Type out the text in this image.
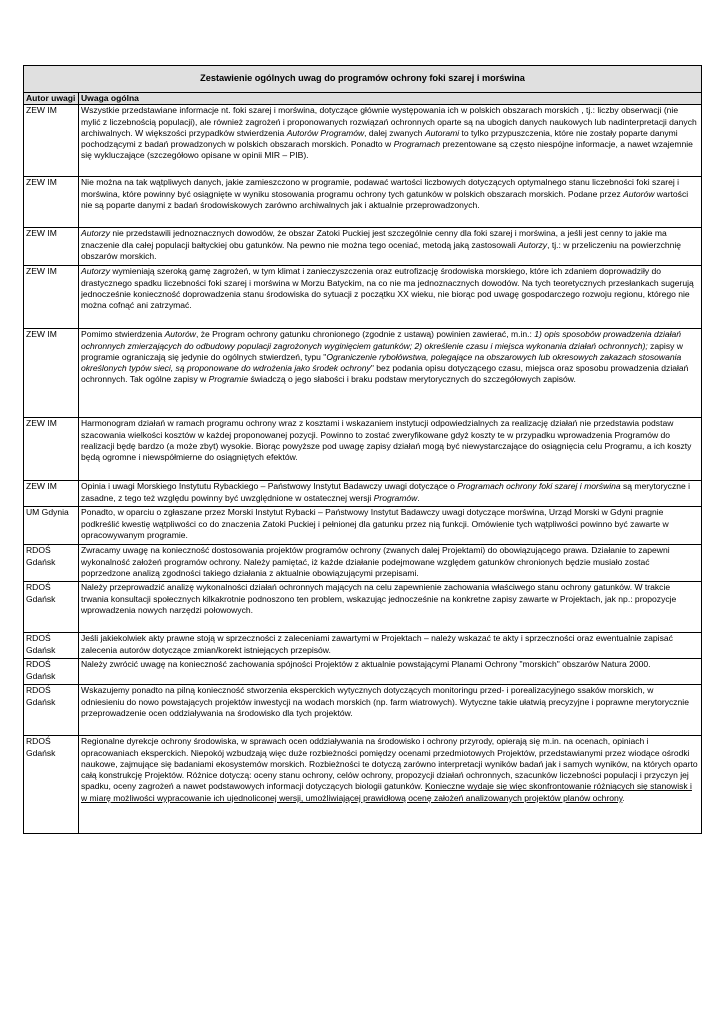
Zestawienie ogólnych uwag do programów ochrony foki szarej i morświna	
Autor uwagi	Uwaga ogólna
ZEW IM	Wszystkie przedstawiane informacje nt. foki szarej i morświna, dotyczące głównie występowania ich w polskich obszarach morskich , tj.: liczby obserwacji (nie mylić z liczebnością populacji), ale również zagrożeń i proponowanych rozwiązań ochronnych oparte są na ubogich danych naukowych lub nadinterpretacji danych archiwalnych. W większości przypadków stwierdzenia Autorów Programów, dalej zwanych Autorami to tylko przypuszczenia, które nie zostały poparte danymi pochodzącymi z badań prowadzonych w polskich obszarach morskich. Ponadto w Programach prezentowane są często niespójne informacje, a nawet wzajemnie się wykluczające (szczegółowo opisane w opinii MIR – PIB).
ZEW IM	Nie można na tak wątpliwych danych, jakie zamieszczono w programie, podawać wartości liczbowych dotyczących optymalnego stanu liczebności foki szarej i morświna, które powinny być osiągnięte w wyniku stosowania programu ochrony tych gatunków w polskich obszarach morskich. Podane przez Autorów wartości nie są poparte danymi z badań środowiskowych zarówno archiwalnych jak i aktualnie przeprowadzonych.
ZEW IM	Autorzy nie przedstawili jednoznacznych dowodów, że obszar Zatoki Puckiej jest szczególnie cenny dla foki szarej i morświna, a jeśli jest cenny to jakie ma znaczenie dla całej populacji bałtyckiej obu gatunków. Na pewno nie można tego oceniać, metodą jaką zastosowali Autorzy, tj.: w przeliczeniu na powierzchnię obszarów morskich.
ZEW IM	Autorzy wymieniają szeroką gamę zagrożeń, w tym klimat i zanieczyszczenia oraz eutrofizację środowiska morskiego, które ich zdaniem doprowadziły do drastycznego spadku liczebności foki szarej i morświna w Morzu Batyckim, na co nie ma jednoznacznych dowodów. Na tych teoretycznych przesłankach sugerują jednocześnie konieczność doprowadzenia stanu środowiska do sytuacji z początku XX wieku, nie biorąc pod uwagę gospodarczego rozwoju regionu, którego nie można cofnąć ani zatrzymać.
ZEW IM	Pomimo stwierdzenia Autorów, że Program ochrony gatunku chronionego (zgodnie z ustawą) powinien zawierać, m.in.: 1) opis sposobów prowadzenia działań ochronnych zmierzających do odbudowy populacji zagrożonych wyginięciem gatunków; 2) określenie czasu i miejsca wykonania działań ochronnych); zapisy w programie ograniczają się jedynie do ogólnych stwierdzeń, typu "Ograniczenie rybołówstwa, polegające na obszarowych lub okresowych zakazach stosowania określonych typów sieci, są proponowane do wdrożenia jako środek ochrony" bez podania opisu dotyczącego czasu, miejsca oraz sposobu prowadzenia działań ochronnych. Tak ogólne zapisy w Programie świadczą o jego słabości i braku podstaw merytorycznych do szczegółowych zapisów.
ZEW IM	Harmonogram działań w ramach programu ochrony wraz z kosztami i wskazaniem instytucji odpowiedzialnych za realizację działań nie przedstawia podstaw szacowania wielkości kosztów w każdej proponowanej pozycji. Powinno to zostać zweryfikowane gdyż koszty te w przypadku wprowadzenia Programów do realizacji będę bardzo (a może zbyt) wysokie. Biorąc powyższe pod uwagę zapisy działań mogą być niewystarczające do osiągnięcia celu Programu, a ich koszty będą ogromne i niewspółmierne do osiągniętych efektów.
ZEW IM	Opinia i uwagi Morskiego Instytutu Rybackiego – Państwowy Instytut Badawczy uwagi dotyczące o Programach ochrony foki szarej i morświna są merytoryczne i zasadne, z tego też względu powinny być uwzględnione w ostatecznej wersji Programów.
UM Gdynia	Ponadto, w oparciu o zgłaszane przez Morski Instytut Rybacki – Państwowy Instytut Badawczy uwagi dotyczące morświna, Urząd Morski w Gdyni pragnie podkreślić kwestię wątpliwości co do znaczenia Zatoki Puckiej i pełnionej dla gatunku przez nią funkcji. Omówienie tych wątpliwości powinno być zawarte w opracowywanym programie.
RDOŚ Gdańsk	Zwracamy uwagę na konieczność dostosowania projektów programów ochrony (zwanych dalej Projektami) do obowiązującego prawa. Działanie to zapewni wykonalność założeń programów ochrony. Należy pamiętać, iż każde działanie podejmowane względem gatunków chronionych będzie musiało zostać poprzedzone analizą zgodności takiego działania z aktualnie obowiązującymi przepisami.
RDOŚ Gdańsk	Należy przeprowadzić analizę wykonalności działań ochronnych mających na celu zapewnienie zachowania właściwego stanu ochrony gatunków. W trakcie trwania konsultacji społecznych kilkakrotnie podnoszono ten problem, wskazując jednocześnie na konkretne zapisy zawarte w Projektach, jak np.: propozycje wprowadzenia nowych narzędzi połowowych.
RDOŚ Gdańsk	Jeśli jakiekolwiek akty prawne stoją w sprzeczności z zaleceniami zawartymi w Projektach – należy wskazać te akty i sprzeczności oraz ewentualnie zapisać zalecenia autorów dotyczące zmian/korekt istniejących przepisów.
RDOŚ Gdańsk	Należy zwrócić uwagę na konieczność zachowania spójności Projektów z aktualnie powstającymi Planami Ochrony "morskich" obszarów Natura 2000.
RDOŚ Gdańsk	Wskazujemy ponadto na pilną konieczność stworzenia eksperckich wytycznych dotyczących monitoringu przed- i porealizacyjnego ssaków morskich, w odniesieniu do nowo powstających projektów inwestycji na wodach morskich (np. farm wiatrowych). Wytyczne takie ułatwią precyzyjne i poprawne merytorycznie przeprowadzenie ocen oddziaływania na środowisko dla tych projektów.
RDOŚ Gdańsk	Regionalne dyrekcje ochrony środowiska, w sprawach ocen oddziaływania na środowisko i ochrony przyrody, opierają się m.in. na ocenach, opiniach i opracowaniach eksperckich. Niepokój wzbudzają więc duże rozbieżności pomiędzy ocenami przedmiotowych Projektów, przedstawianymi przez wiodące ośrodki naukowe, zajmujące się badaniami ekosystemów morskich. Rozbieżności te dotyczą zarówno interpretacji wyników badań jak i samych wyników, na których oparto całą konstrukcję Projektów. Różnice dotyczą: oceny stanu ochrony, celów ochrony, propozycji działań ochronnych, szacunków liczebności populacji i przyczyn jej spadku, oceny zagrożeń a nawet podstawowych informacji dotyczących biologii gatunków. Konieczne wydaje się więc skonfrontowanie różniących się stanowisk i w miarę możliwości wypracowanie ich ujednoliconej wersji, umożliwiającej prawidłową ocenę założeń analizowanych projektów planów ochrony.
